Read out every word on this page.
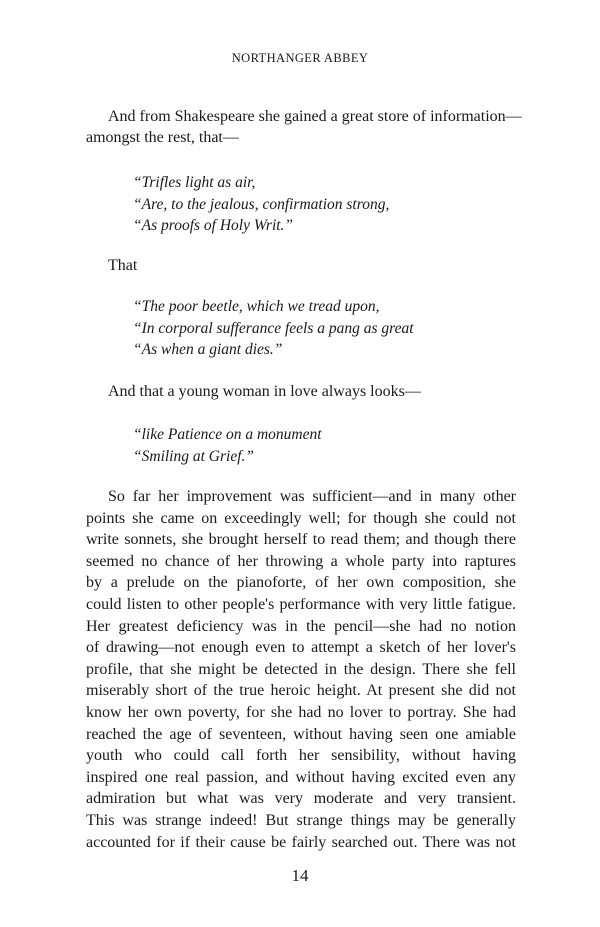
NORTHANGER ABBEY
And from Shakespeare she gained a great store of information—
amongst the rest, that—
“Trifles light as air,
“Are, to the jealous, confirmation strong,
“As proofs of Holy Writ.”
That
“The poor beetle, which we tread upon,
“In corporal sufferance feels a pang as great
“As when a giant dies.”
And that a young woman in love always looks—
“like Patience on a monument
“Smiling at Grief.”
So far her improvement was sufficient—and in many other
points she came on exceedingly well; for though she could not
write sonnets, she brought herself to read them; and though there
seemed no chance of her throwing a whole party into raptures
by a prelude on the pianoforte, of her own composition, she
could listen to other people's performance with very little fatigue.
Her greatest deficiency was in the pencil—she had no notion
of drawing—not enough even to attempt a sketch of her lover's
profile, that she might be detected in the design. There she fell
miserably short of the true heroic height. At present she did not
know her own poverty, for she had no lover to portray. She had
reached the age of seventeen, without having seen one amiable
youth who could call forth her sensibility, without having
inspired one real passion, and without having excited even any
admiration but what was very moderate and very transient.
This was strange indeed! But strange things may be generally
accounted for if their cause be fairly searched out. There was not
14
